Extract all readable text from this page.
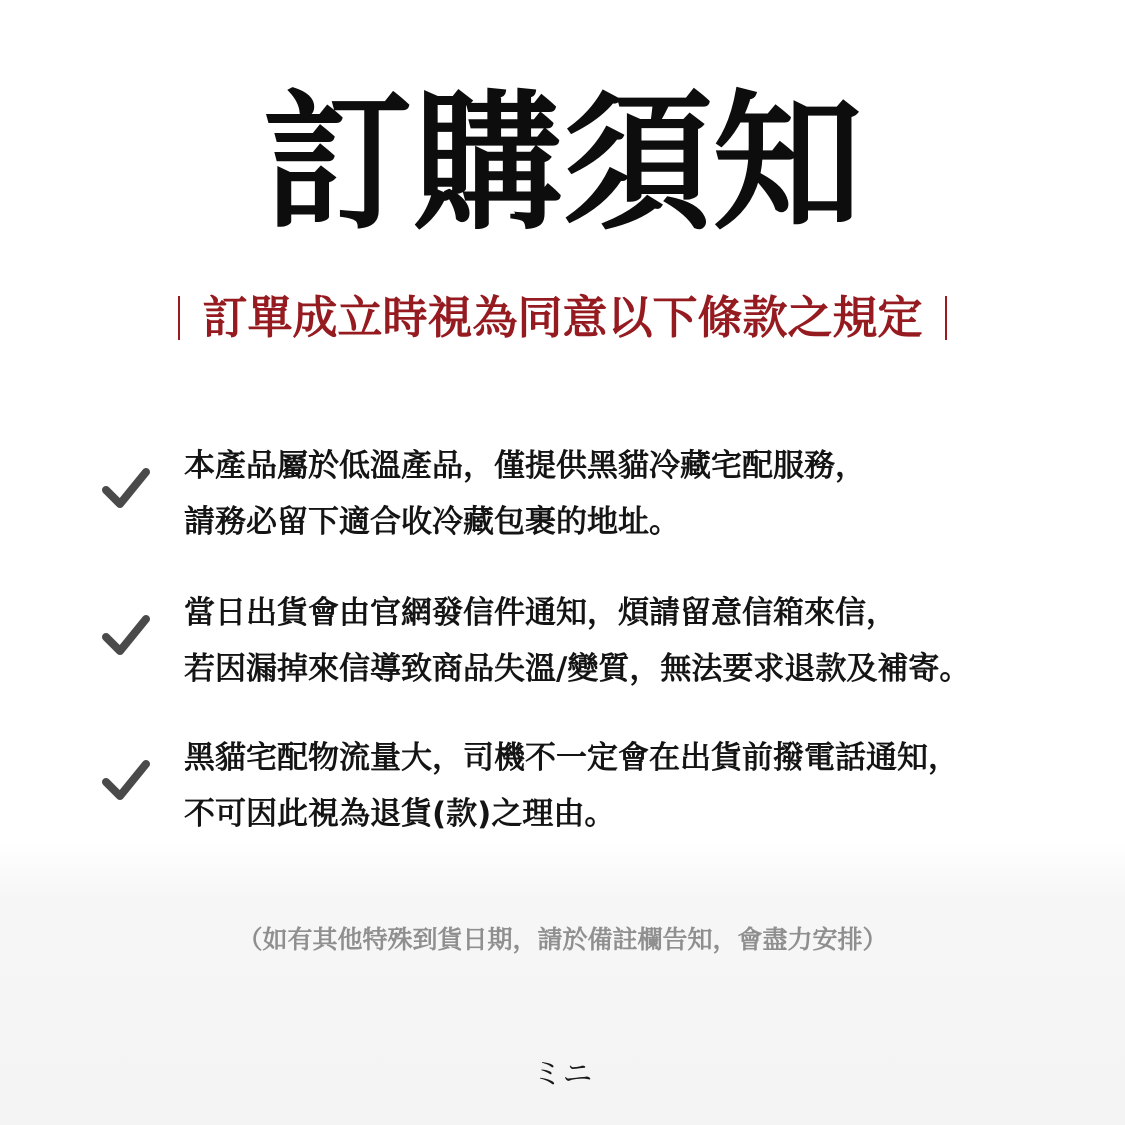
訂購須知
訂單成立時視為同意以下條款之規定
本產品屬於低溫產品，僅提供黑貓冷藏宅配服務，
請務必留下適合收冷藏包裹的地址。
當日出貨會由官網發信件通知，煩請留意信箱來信，
若因漏掉來信導致商品失溫/變質，無法要求退款及補寄。
黑貓宅配物流量大，司機不一定會在出貨前撥電話通知，
不可因此視為退貨(款)之理由。
（如有其他特殊到貨日期，請於備註欄告知，會盡力安排）
ミニ
